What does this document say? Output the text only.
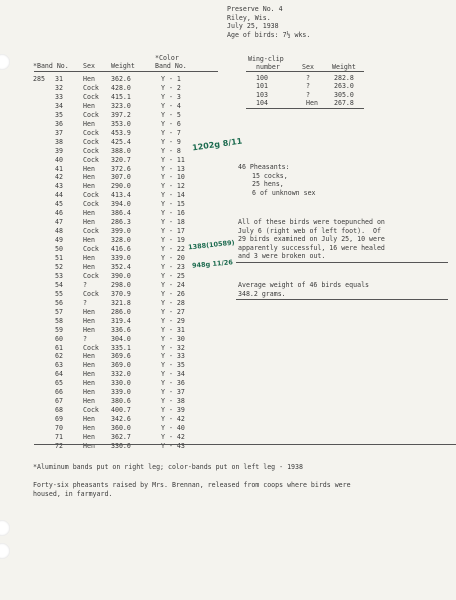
Preserve No. 4
Riley, Wis.
July 25, 1938
Age of birds: 7½ wks.
*Color
*Band No. Sex Weight	Band No.
285 31	Hen 362.6	Y - 1
32	Cock 428.0	Y - 2
33	Cock 415.1	Y - 3
34	Hen 323.0	Y - 4
35	Cock 397.2	Y - 5
36	Hen 353.0	Y - 6
37	Cock 453.9	Y - 7
38	Cock 425.4	Y - 9
39	Cock 388.0	Y - 8
40	Cock 320.7	Y - 11
41	Hen 372.6	Y - 13
42	Hen 307.0	Y - 10
43	Hen 290.0	Y - 12
44	Cock 413.4	Y - 14
45	Cock 394.0	Y - 15
46	Hen 386.4	Y - 16
47	Hen 286.3	Y - 18
48	Cock 399.0	Y - 17
49	Hen 328.0	Y - 19
50	Cock 416.6	Y - 22
51	Hen 339.0	Y - 20
52	Hen 352.4	Y - 23
53	Cock 390.0	Y - 25
54	?	298.0	Y - 24
55	Cock 370.9	Y - 26
56	?	321.8	Y - 28
57	Hen 286.0	Y - 27
58	Hen 319.4	Y - 29
59	Hen 336.6	Y - 31
60	?	304.0	Y - 30
61	Cock 335.1	Y - 32
62	Hen 369.6	Y - 33
63	Hen 369.0	Y - 35
64	Hen 332.0	Y - 34
65	Hen 330.0	Y - 36
66	Hen 339.0	Y - 37
67	Hen 380.6	Y - 38
68	Cock 400.7	Y - 39
69	Hen 342.6	Y - 42
70	Hen 360.0	Y - 40
71	Hen 362.7	Y - 42
72	Hen 330.0	Y - 43
1202g 8/11
1388(10589)
948g 11/26
Wing-clip
number	Sex	Weight
100	?	282.8
101	?	263.0
103	?	305.0
104	Hen 267.8
46 Pheasants:
15 cocks,
25 hens,
6 of unknown sex
All of these birds were toepunched on
July 6 (right web of left foot).  Of
29 birds examined on July 25, 10 were
apparently successful, 16 were healed
and 3 were broken out.
Average weight of 46 birds equals
348.2 grams.
*Aluminum bands put on right leg; color-bands put on left leg - 1938
Forty-six pheasants raised by Mrs. Brennan, released from coops where birds were
housed, in farmyard.
